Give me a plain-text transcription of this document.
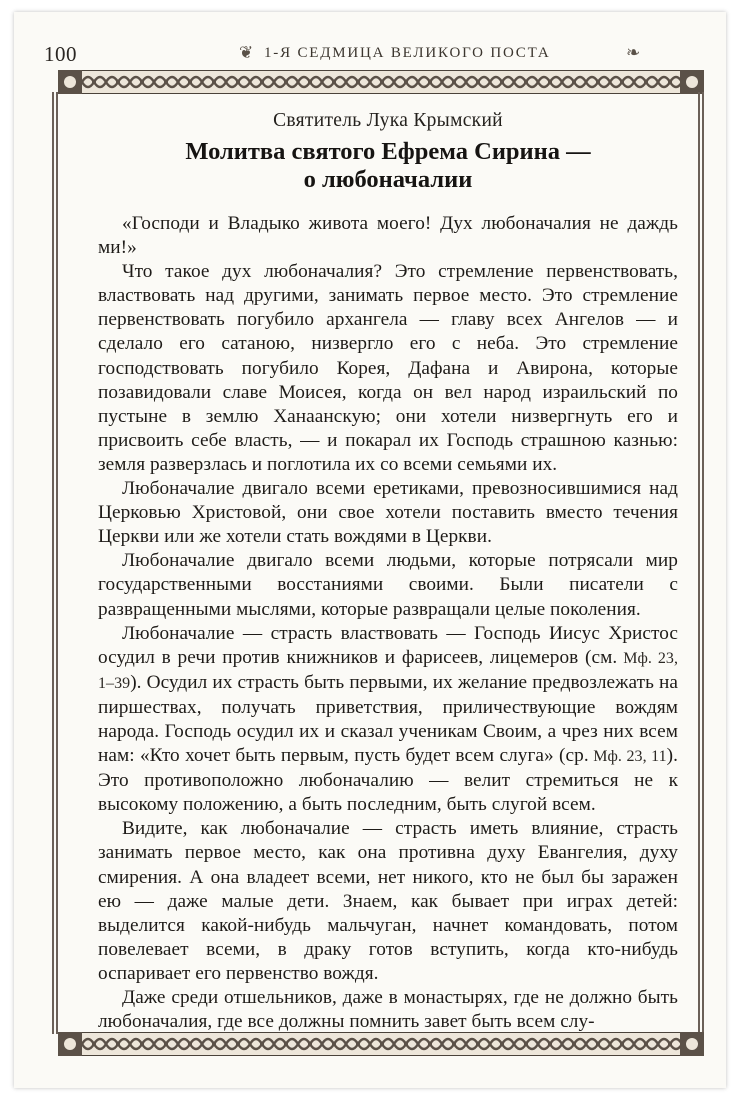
100	❦ 1-Я СЕДМИЦА ВЕЛИКОГО ПОСТА	❧

Святитель Лука Крымский

Молитва святого Ефрема Сирина —
о любоначалии

«Господи и Владыко живота моего! Дух любоначалия не даждь ми!»

Что такое дух любоначалия? Это стремление первенствовать, властвовать над другими, занимать первое место. Это стремление первенствовать погубило архангела — главу всех Ангелов — и сделало его сатаною, низвергло его с неба. Это стремление господствовать погубило Корея, Дафана и Авирона, которые позавидовали славе Моисея, когда он вел народ израильский по пустыне в землю Ханаанскую; они хотели низвергнуть его и присвоить себе власть, — и покарал их Господь страшною казнью: земля разверзлась и поглотила их со всеми семьями их.

Любоначалие двигало всеми еретиками, превозносившимися над Церковью Христовой, они свое хотели поставить вместо течения Церкви или же хотели стать вождями в Церкви.

Любоначалие двигало всеми людьми, которые потрясали мир государственными восстаниями своими. Были писатели с развращенными мыслями, которые развращали целые поколения.

Любоначалие — страсть властвовать — Господь Иисус Христос осудил в речи против книжников и фарисеев, лицемеров (см. Мф. 23, 1–39). Осудил их страсть быть первыми, их желание предвозлежать на пиршествах, получать приветствия, приличествующие вождям народа. Господь осудил их и сказал ученикам Своим, а чрез них всем нам: «Кто хочет быть первым, пусть будет всем слуга» (ср. Мф. 23, 11). Это противоположно любоначалию — велит стремиться не к высокому положению, а быть последним, быть слугой всем.

Видите, как любоначалие — страсть иметь влияние, страсть занимать первое место, как она противна духу Евангелия, духу смирения. А она владеет всеми, нет никого, кто не был бы заражен ею — даже малые дети. Знаем, как бывает при играх детей: выделится какой-нибудь мальчуган, начнет командовать, потом повелевает всеми, в драку готов вступить, когда кто-нибудь оспаривает его первенство вождя.

Даже среди отшельников, даже в монастырях, где не должно быть любоначалия, где все должны помнить завет быть всем слу-
